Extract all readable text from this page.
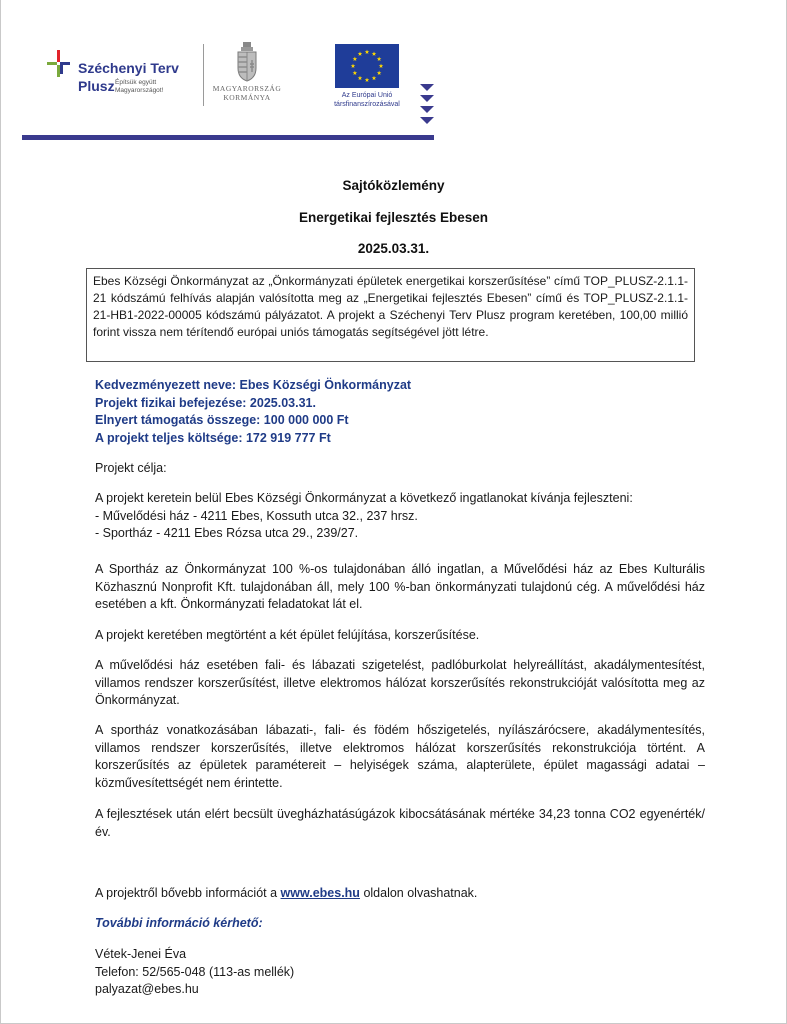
Széchenyi Terv
Plusz Építsük együtt
Magyarországot!	MAGYARORSZÁG
KORMÁNYA	Az Európai Unió
társfinanszírozásával
Sajtóközlemény
Energetikai fejlesztés Ebesen
2025.03.31.

Ebes Községi Önkormányzat az „Önkormányzati épületek energetikai korszerűsítése” című TOP_PLUSZ-2.1.1-21 kódszámú felhívás alapján valósította meg az „Energetikai fejlesztés Ebesen” című és TOP_PLUSZ-2.1.1-21-HB1-2022-00005 kódszámú pályázatot. A projekt a Széchenyi Terv Plusz program keretében, 100,00 millió forint vissza nem térítendő európai uniós támogatás segítségével jött létre.

Kedvezményezett neve: Ebes Községi Önkormányzat
Projekt fizikai befejezése: 2025.03.31.
Elnyert támogatás összege: 100 000 000 Ft
A projekt teljes költsége: 172 919 777 Ft

Projekt célja:

A projekt keretein belül Ebes Községi Önkormányzat a következő ingatlanokat kívánja fejleszteni:
- Művelődési ház - 4211 Ebes, Kossuth utca 32., 237 hrsz.
- Sportház - 4211 Ebes Rózsa utca 29., 239/27.

A Sportház az Önkormányzat 100 %-os tulajdonában álló ingatlan, a Művelődési ház az Ebes Kulturális Közhasznú Nonprofit Kft. tulajdonában áll, mely 100 %-ban önkormányzati tulajdonú cég. A művelődési ház esetében a kft. Önkormányzati feladatokat lát el.

A projekt keretében megtörtént a két épület felújítása, korszerűsítése.

A művelődési ház esetében fali- és lábazati szigetelést, padlóburkolat helyreállítást, akadálymentesítést, villamos rendszer korszerűsítést, illetve elektromos hálózat korszerűsítés rekonstrukcióját valósította meg az Önkormányzat.

A sportház vonatkozásában lábazati-, fali- és födém hőszigetelés, nyílászárócsere, akadálymentesítés, villamos rendszer korszerűsítés, illetve elektromos hálózat korszerűsítés rekonstrukciója történt. A korszerűsítés az épületek paramétereit – helyiségek száma, alapterülete, épület magassági adatai – közművesítettségét nem érintette.

A fejlesztések után elért becsült üvegházhatásúgázok kibocsátásának mértéke 34,23 tonna CO2 egyenérték/év.

A projektről bővebb információt a www.ebes.hu oldalon olvashatnak.

További információ kérhető:
Vétek-Jenei Éva
Telefon: 52/565-048 (113-as mellék)
palyazat@ebes.hu
